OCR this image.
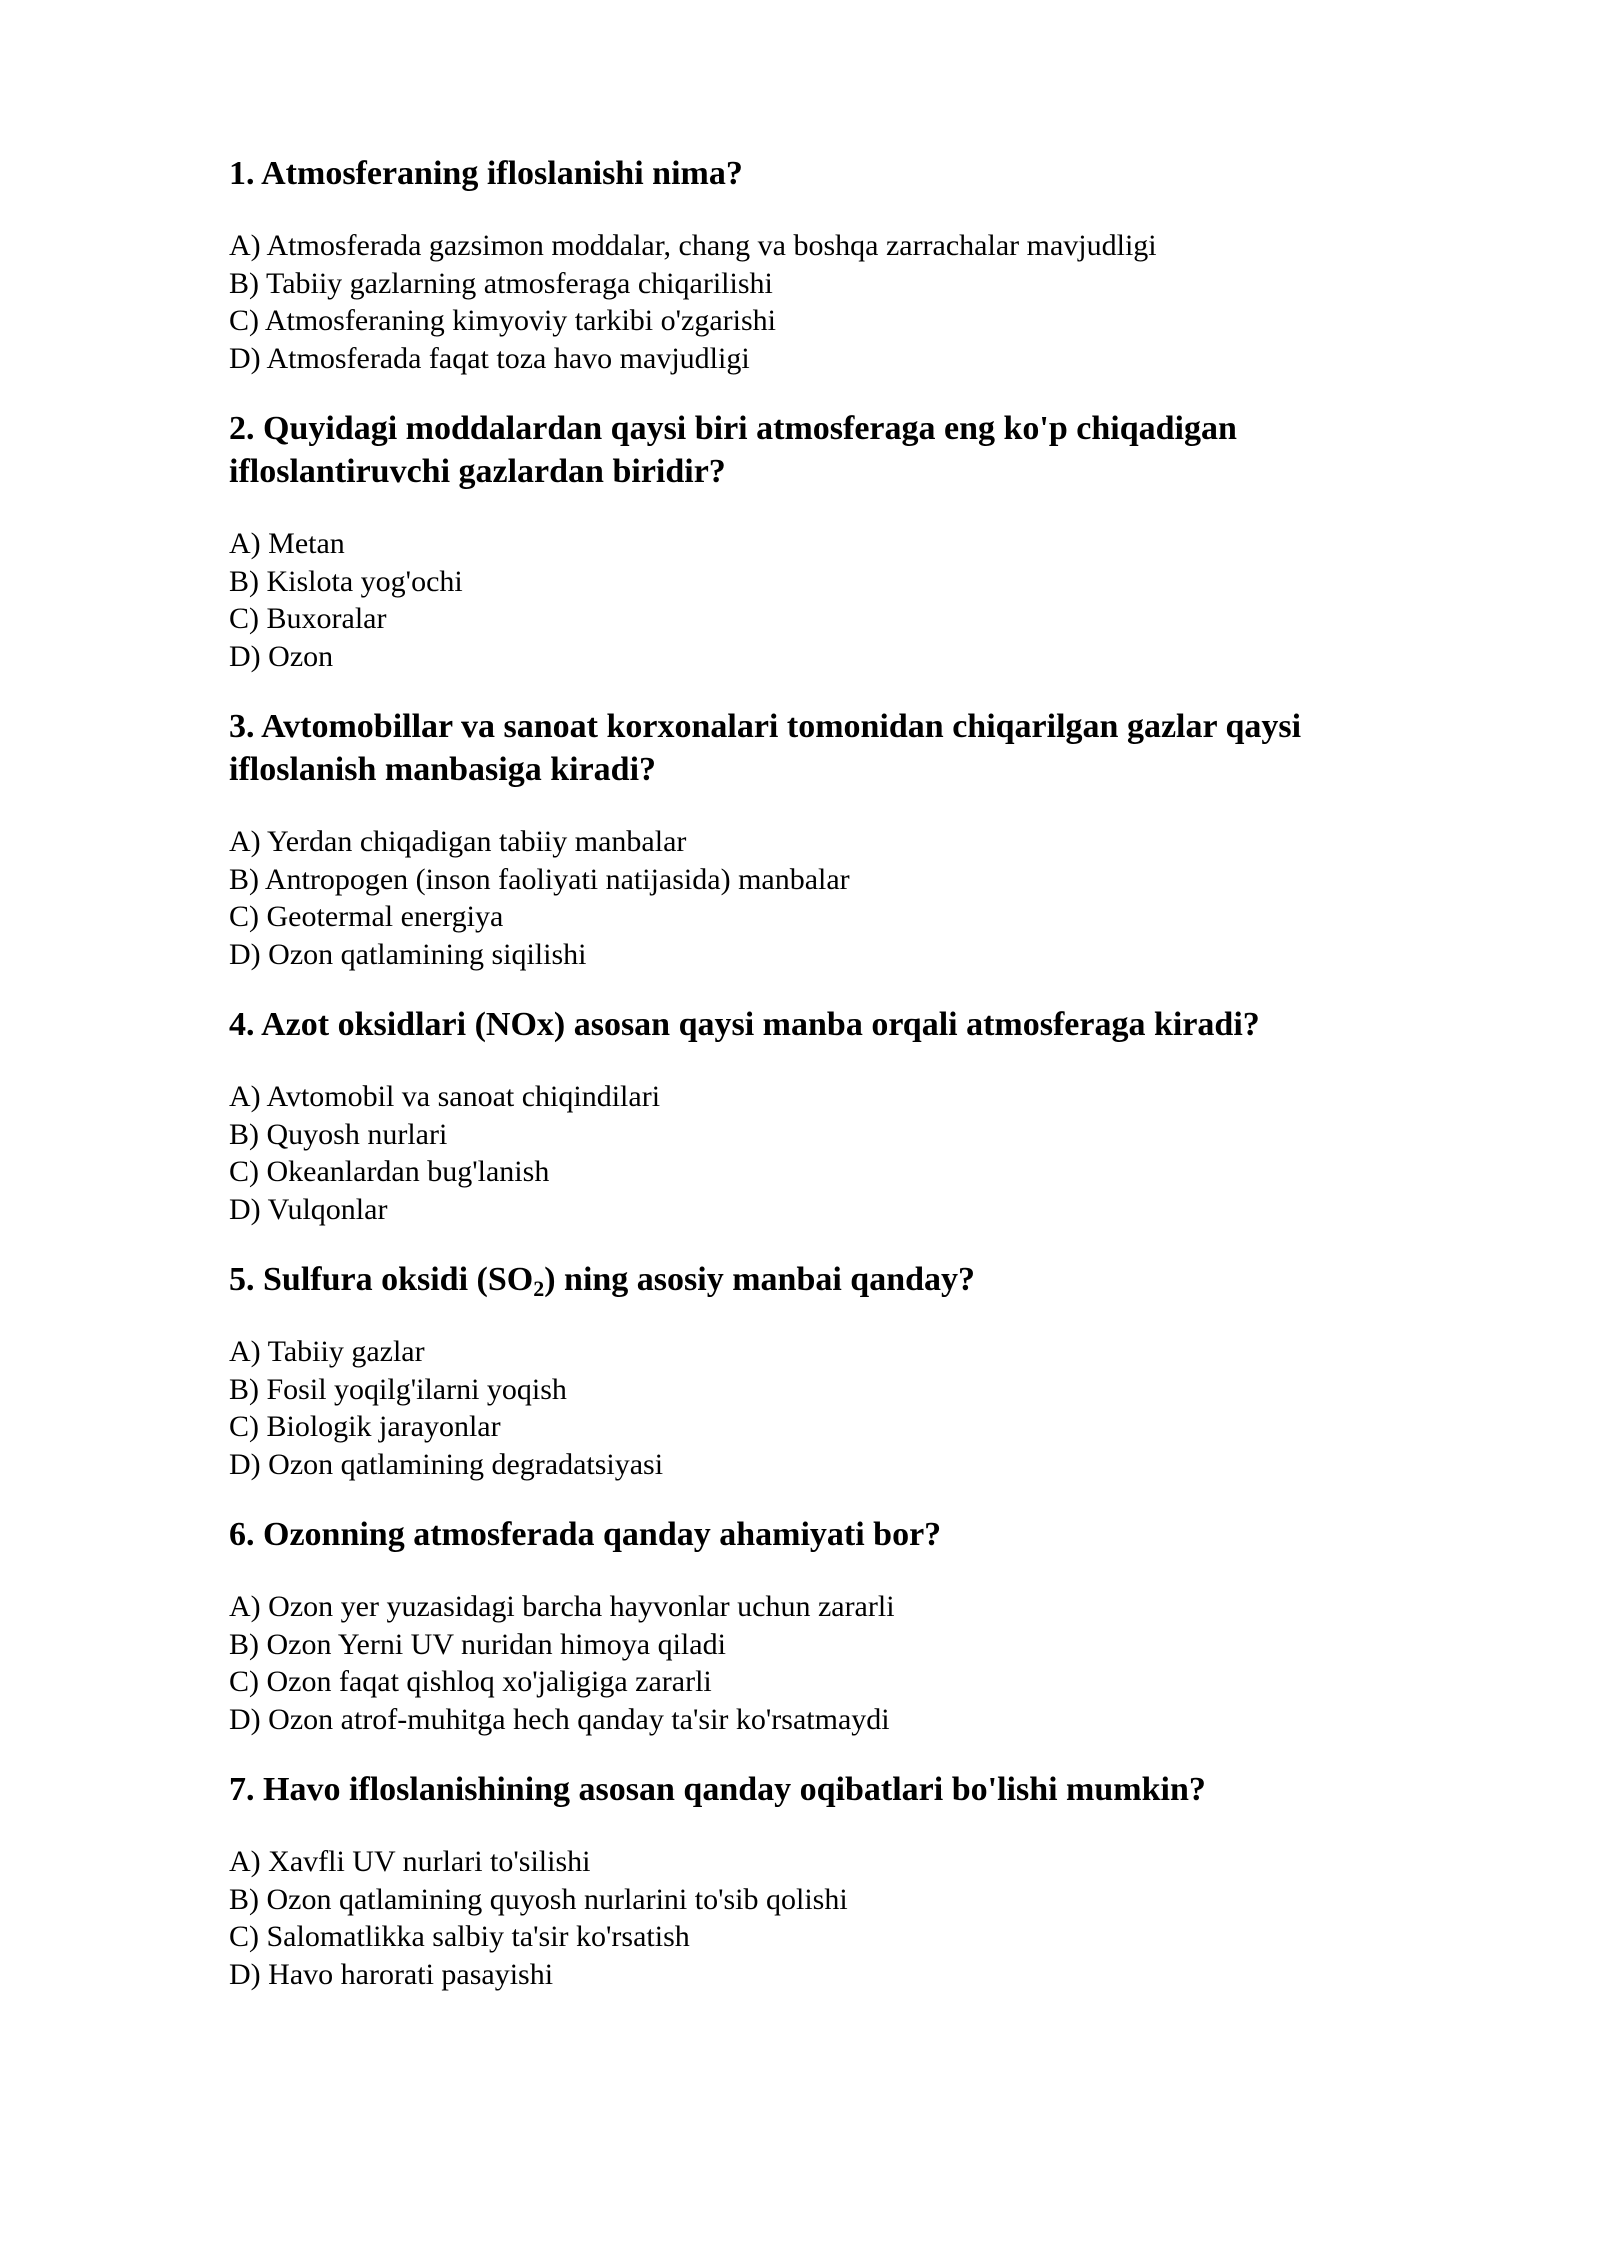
1. Atmosferaning ifloslanishi nima?
A) Atmosferada gazsimon moddalar, chang va boshqa zarrachalar mavjudligi
B) Tabiiy gazlarning atmosferaga chiqarilishi
C) Atmosferaning kimyoviy tarkibi o'zgarishi
D) Atmosferada faqat toza havo mavjudligi
2. Quyidagi moddalardan qaysi biri atmosferaga eng ko'p chiqadigan ifloslantiruvchi gazlardan biridir?
A) Metan
B) Kislota yog'ochi
C) Buxoralar
D) Ozon
3. Avtomobillar va sanoat korxonalari tomonidan chiqarilgan gazlar qaysi ifloslanish manbasiga kiradi?
A) Yerdan chiqadigan tabiiy manbalar
B) Antropogen (inson faoliyati natijasida) manbalar
C) Geotermal energiya
D) Ozon qatlamining siqilishi
4. Azot oksidlari (NOx) asosan qaysi manba orqali atmosferaga kiradi?
A) Avtomobil va sanoat chiqindilari
B) Quyosh nurlari
C) Okeanlardan bug'lanish
D) Vulqonlar
5. Sulfura oksidi $(SO_2)$ ning asosiy manbai qanday?
A) Tabiiy gazlar
B) Fosil yoqilg'ilarni yoqish
C) Biologik jarayonlar
D) Ozon qatlamining degradatsiyasi
6. Ozonning atmosferada qanday ahamiyati bor?
A) Ozon yer yuzasidagi barcha hayvonlar uchun zararli
B) Ozon Yerni UV nuridan himoya qiladi
C) Ozon faqat qishloq xo'jaligiga zararli
D) Ozon atrof-muhitga hech qanday ta'sir ko'rsatmaydi
7. Havo ifloslanishining asosan qanday oqibatlari bo'lishi mumkin?
A) Xavfli UV nurlari to'silishi
B) Ozon qatlamining quyosh nurlarini to'sib qolishi
C) Salomatlikka salbiy ta'sir ko'rsatish
D) Havo harorati pasayishi
